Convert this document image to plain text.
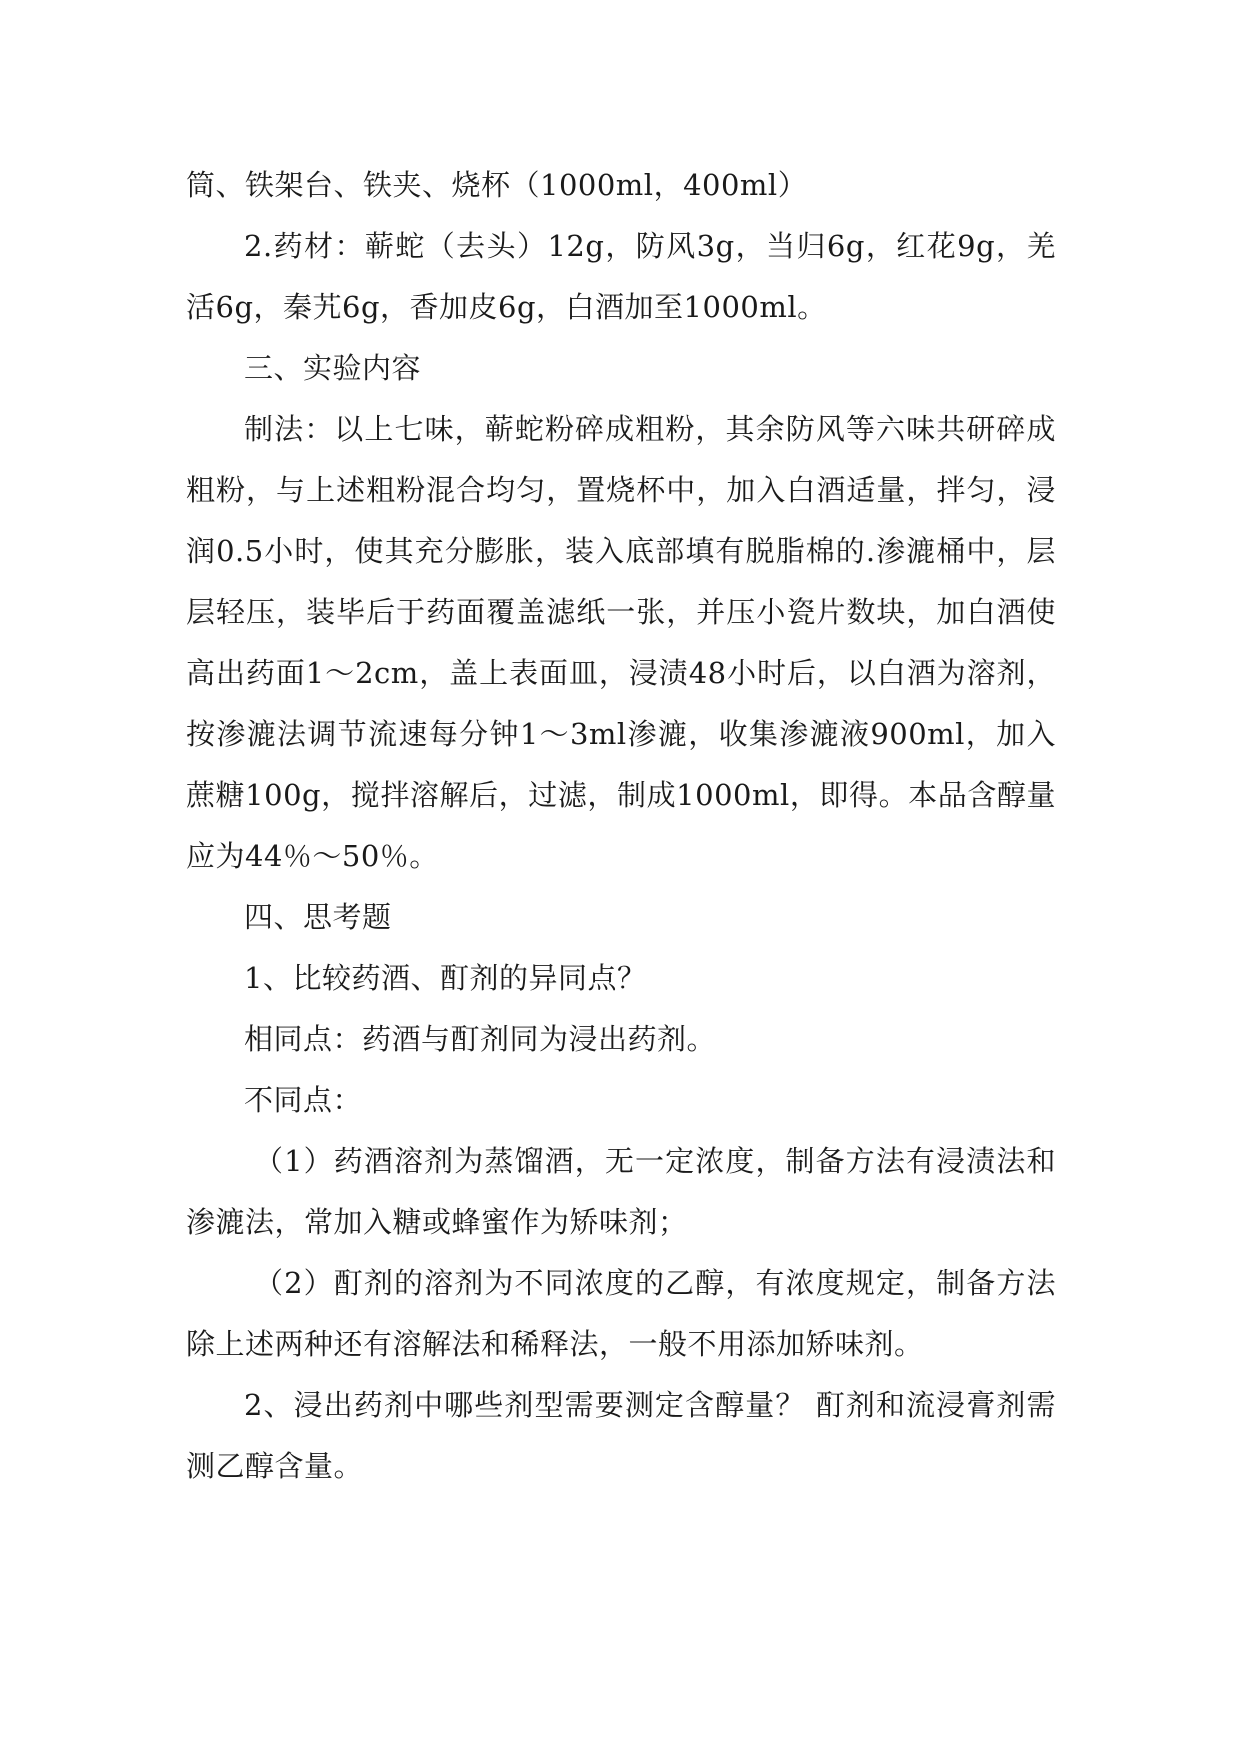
筒、铁架台、铁夹、烧杯（1000ml，400ml）

2.药材：蕲蛇（去头）12g，防风3g，当归6g，红花9g，羌活6g，秦艽6g，香加皮6g，白酒加至1000ml。

三、实验内容

制法：以上七味，蕲蛇粉碎成粗粉，其余防风等六味共研碎成粗粉，与上述粗粉混合均匀，置烧杯中，加入白酒适量，拌匀，浸润0.5小时，使其充分膨胀，装入底部填有脱脂棉的.渗漉桶中，层层轻压，装毕后于药面覆盖滤纸一张，并压小瓷片数块，加白酒使高出药面1～2cm，盖上表面皿，浸渍48小时后，以白酒为溶剂，按渗漉法调节流速每分钟1～3ml渗漉，收集渗漉液900ml，加入蔗糖100g，搅拌溶解后，过滤，制成1000ml，即得。本品含醇量应为44％～50％。

四、思考题

1、比较药酒、酊剂的异同点？

相同点：药酒与酊剂同为浸出药剂。

不同点：

（1）药酒溶剂为蒸馏酒，无一定浓度，制备方法有浸渍法和渗漉法，常加入糖或蜂蜜作为矫味剂；

（2）酊剂的溶剂为不同浓度的乙醇，有浓度规定，制备方法除上述两种还有溶解法和稀释法，一般不用添加矫味剂。

2、浸出药剂中哪些剂型需要测定含醇量？ 酊剂和流浸膏剂需测乙醇含量。
